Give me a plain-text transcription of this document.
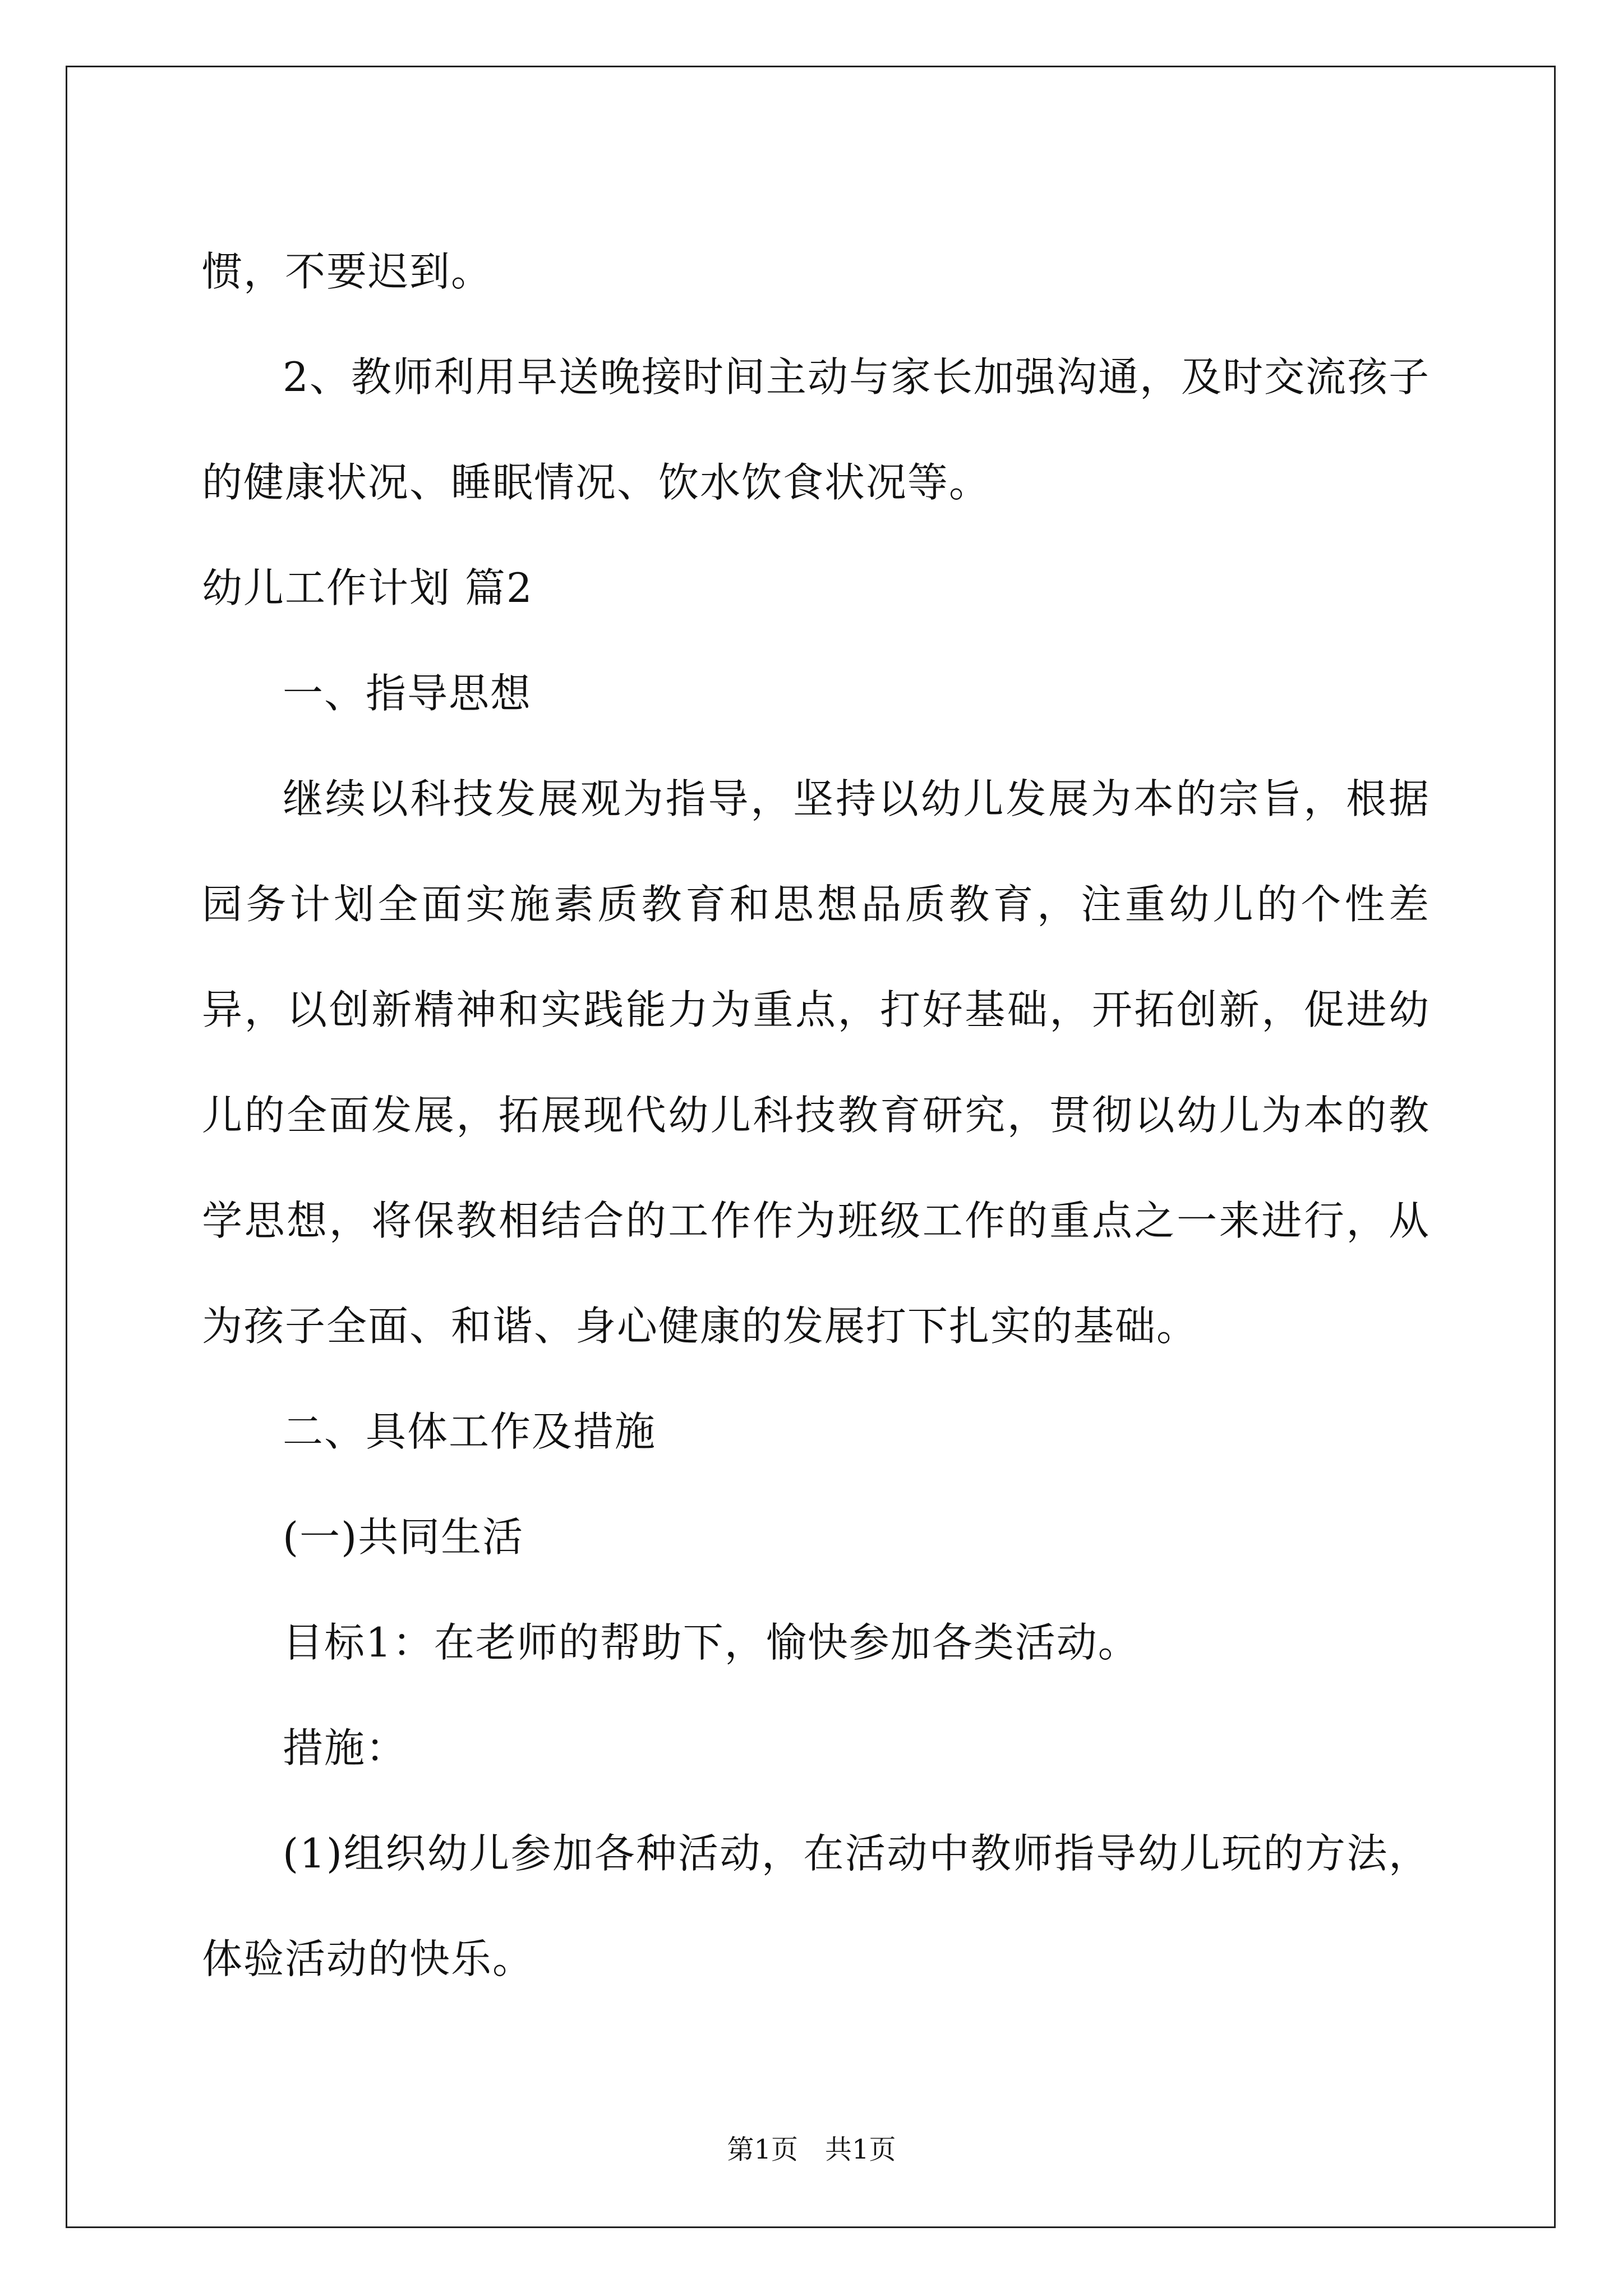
惯，不要迟到。

2、教师利用早送晚接时间主动与家长加强沟通，及时交流孩子的健康状况、睡眠情况、饮水饮食状况等。

幼儿工作计划 篇2

一、指导思想

继续以科技发展观为指导，坚持以幼儿发展为本的宗旨，根据园务计划全面实施素质教育和思想品质教育，注重幼儿的个性差异，以创新精神和实践能力为重点，打好基础，开拓创新，促进幼儿的全面发展，拓展现代幼儿科技教育研究，贯彻以幼儿为本的教学思想，将保教相结合的工作作为班级工作的重点之一来进行，从为孩子全面、和谐、身心健康的发展打下扎实的基础。

二、具体工作及措施

(一)共同生活

目标1：在老师的帮助下，愉快参加各类活动。

措施：

(1)组织幼儿参加各种活动，在活动中教师指导幼儿玩的方法，体验活动的快乐。

第1页　共1页
